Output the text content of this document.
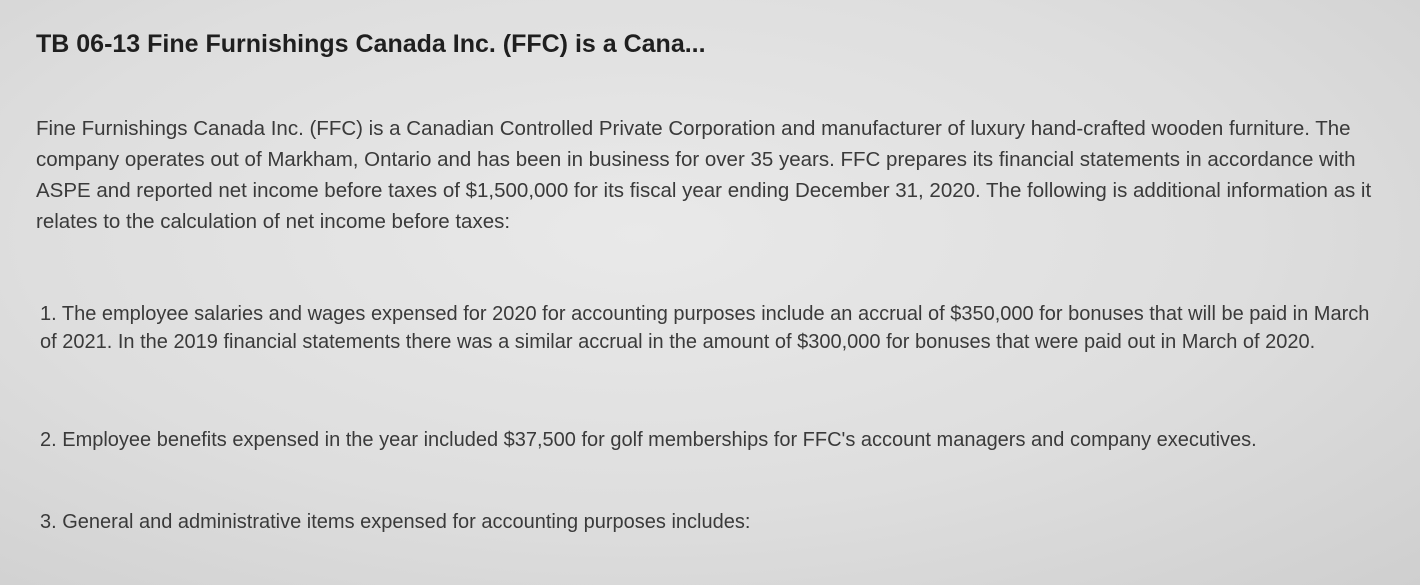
TB 06-13 Fine Furnishings Canada Inc. (FFC) is a Cana...

Fine Furnishings Canada Inc. (FFC) is a Canadian Controlled Private Corporation and manufacturer of luxury hand-crafted wooden furniture. The company operates out of Markham, Ontario and has been in business for over 35 years. FFC prepares its financial statements in accordance with ASPE and reported net income before taxes of $1,500,000 for its fiscal year ending December 31, 2020. The following is additional information as it relates to the calculation of net income before taxes:

1. The employee salaries and wages expensed for 2020 for accounting purposes include an accrual of $350,000 for bonuses that will be paid in March of 2021. In the 2019 financial statements there was a similar accrual in the amount of $300,000 for bonuses that were paid out in March of 2020.

2. Employee benefits expensed in the year included $37,500 for golf memberships for FFC's account managers and company executives.

3. General and administrative items expensed for accounting purposes includes:
